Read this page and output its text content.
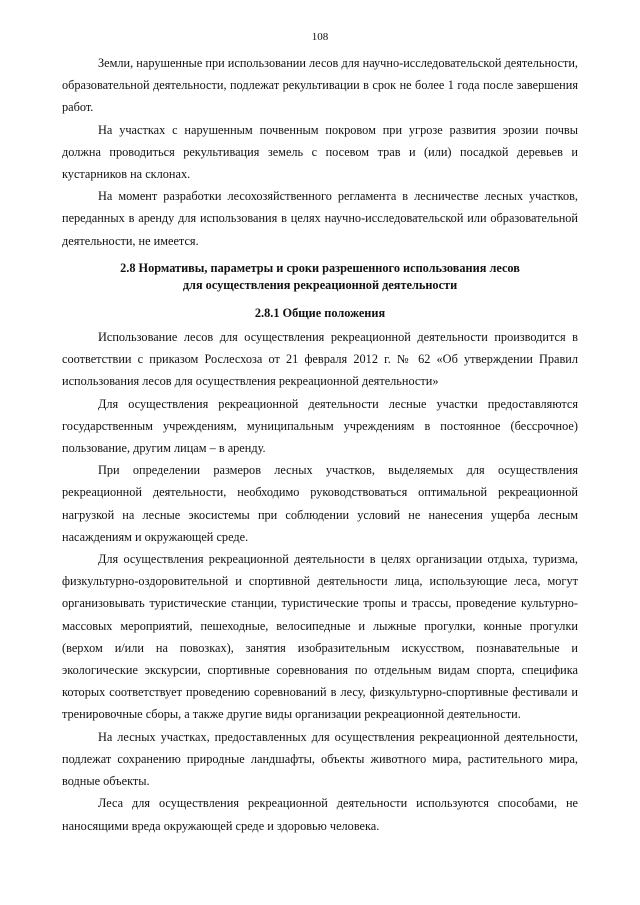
108

Земли, нарушенные при использовании лесов для научно-исследовательской деятельности, образовательной деятельности, подлежат рекультивации в срок не более 1 года после завершения работ.

На участках с нарушенным почвенным покровом при угрозе развития эрозии почвы должна проводиться рекультивация земель с посевом трав и (или) посадкой деревьев и кустарников на склонах.

На момент разработки лесохозяйственного регламента в лесничестве лесных участков, переданных в аренду для использования в целях научно-исследовательской или образовательной деятельности, не имеется.

2.8 Нормативы, параметры и сроки разрешенного использования лесов
для осуществления рекреационной деятельности
2.8.1 Общие положения

Использование лесов для осуществления рекреационной деятельности производится в соответствии с приказом Рослесхоза от 21 февраля 2012 г. № 62 «Об утверждении Правил использования лесов для осуществления рекреационной деятельности»

Для осуществления рекреационной деятельности лесные участки предоставляются государственным учреждениям, муниципальным учреждениям в постоянное (бессрочное) пользование, другим лицам – в аренду.

При определении размеров лесных участков, выделяемых для осуществления рекреационной деятельности, необходимо руководствоваться оптимальной рекреационной нагрузкой на лесные экосистемы при соблюдении условий не нанесения ущерба лесным насаждениям и окружающей среде.

Для осуществления рекреационной деятельности в целях организации отдыха, туризма, физкультурно-оздоровительной и спортивной деятельности лица, использующие леса, могут организовывать туристические станции, туристические тропы и трассы, проведение культурно-массовых мероприятий, пешеходные, велосипедные и лыжные прогулки, конные прогулки (верхом и/или на повозках), занятия изобразительным искусством, познавательные и экологические экскурсии, спортивные соревнования по отдельным видам спорта, специфика которых соответствует проведению соревнований в лесу, физкультурно-спортивные фестивали и тренировочные сборы, а также другие виды организации рекреационной деятельности.

На лесных участках, предоставленных для осуществления рекреационной деятельности, подлежат сохранению природные ландшафты, объекты животного мира, растительного мира, водные объекты.

Леса для осуществления рекреационной деятельности используются способами, не наносящими вреда окружающей среде и здоровью человека.
